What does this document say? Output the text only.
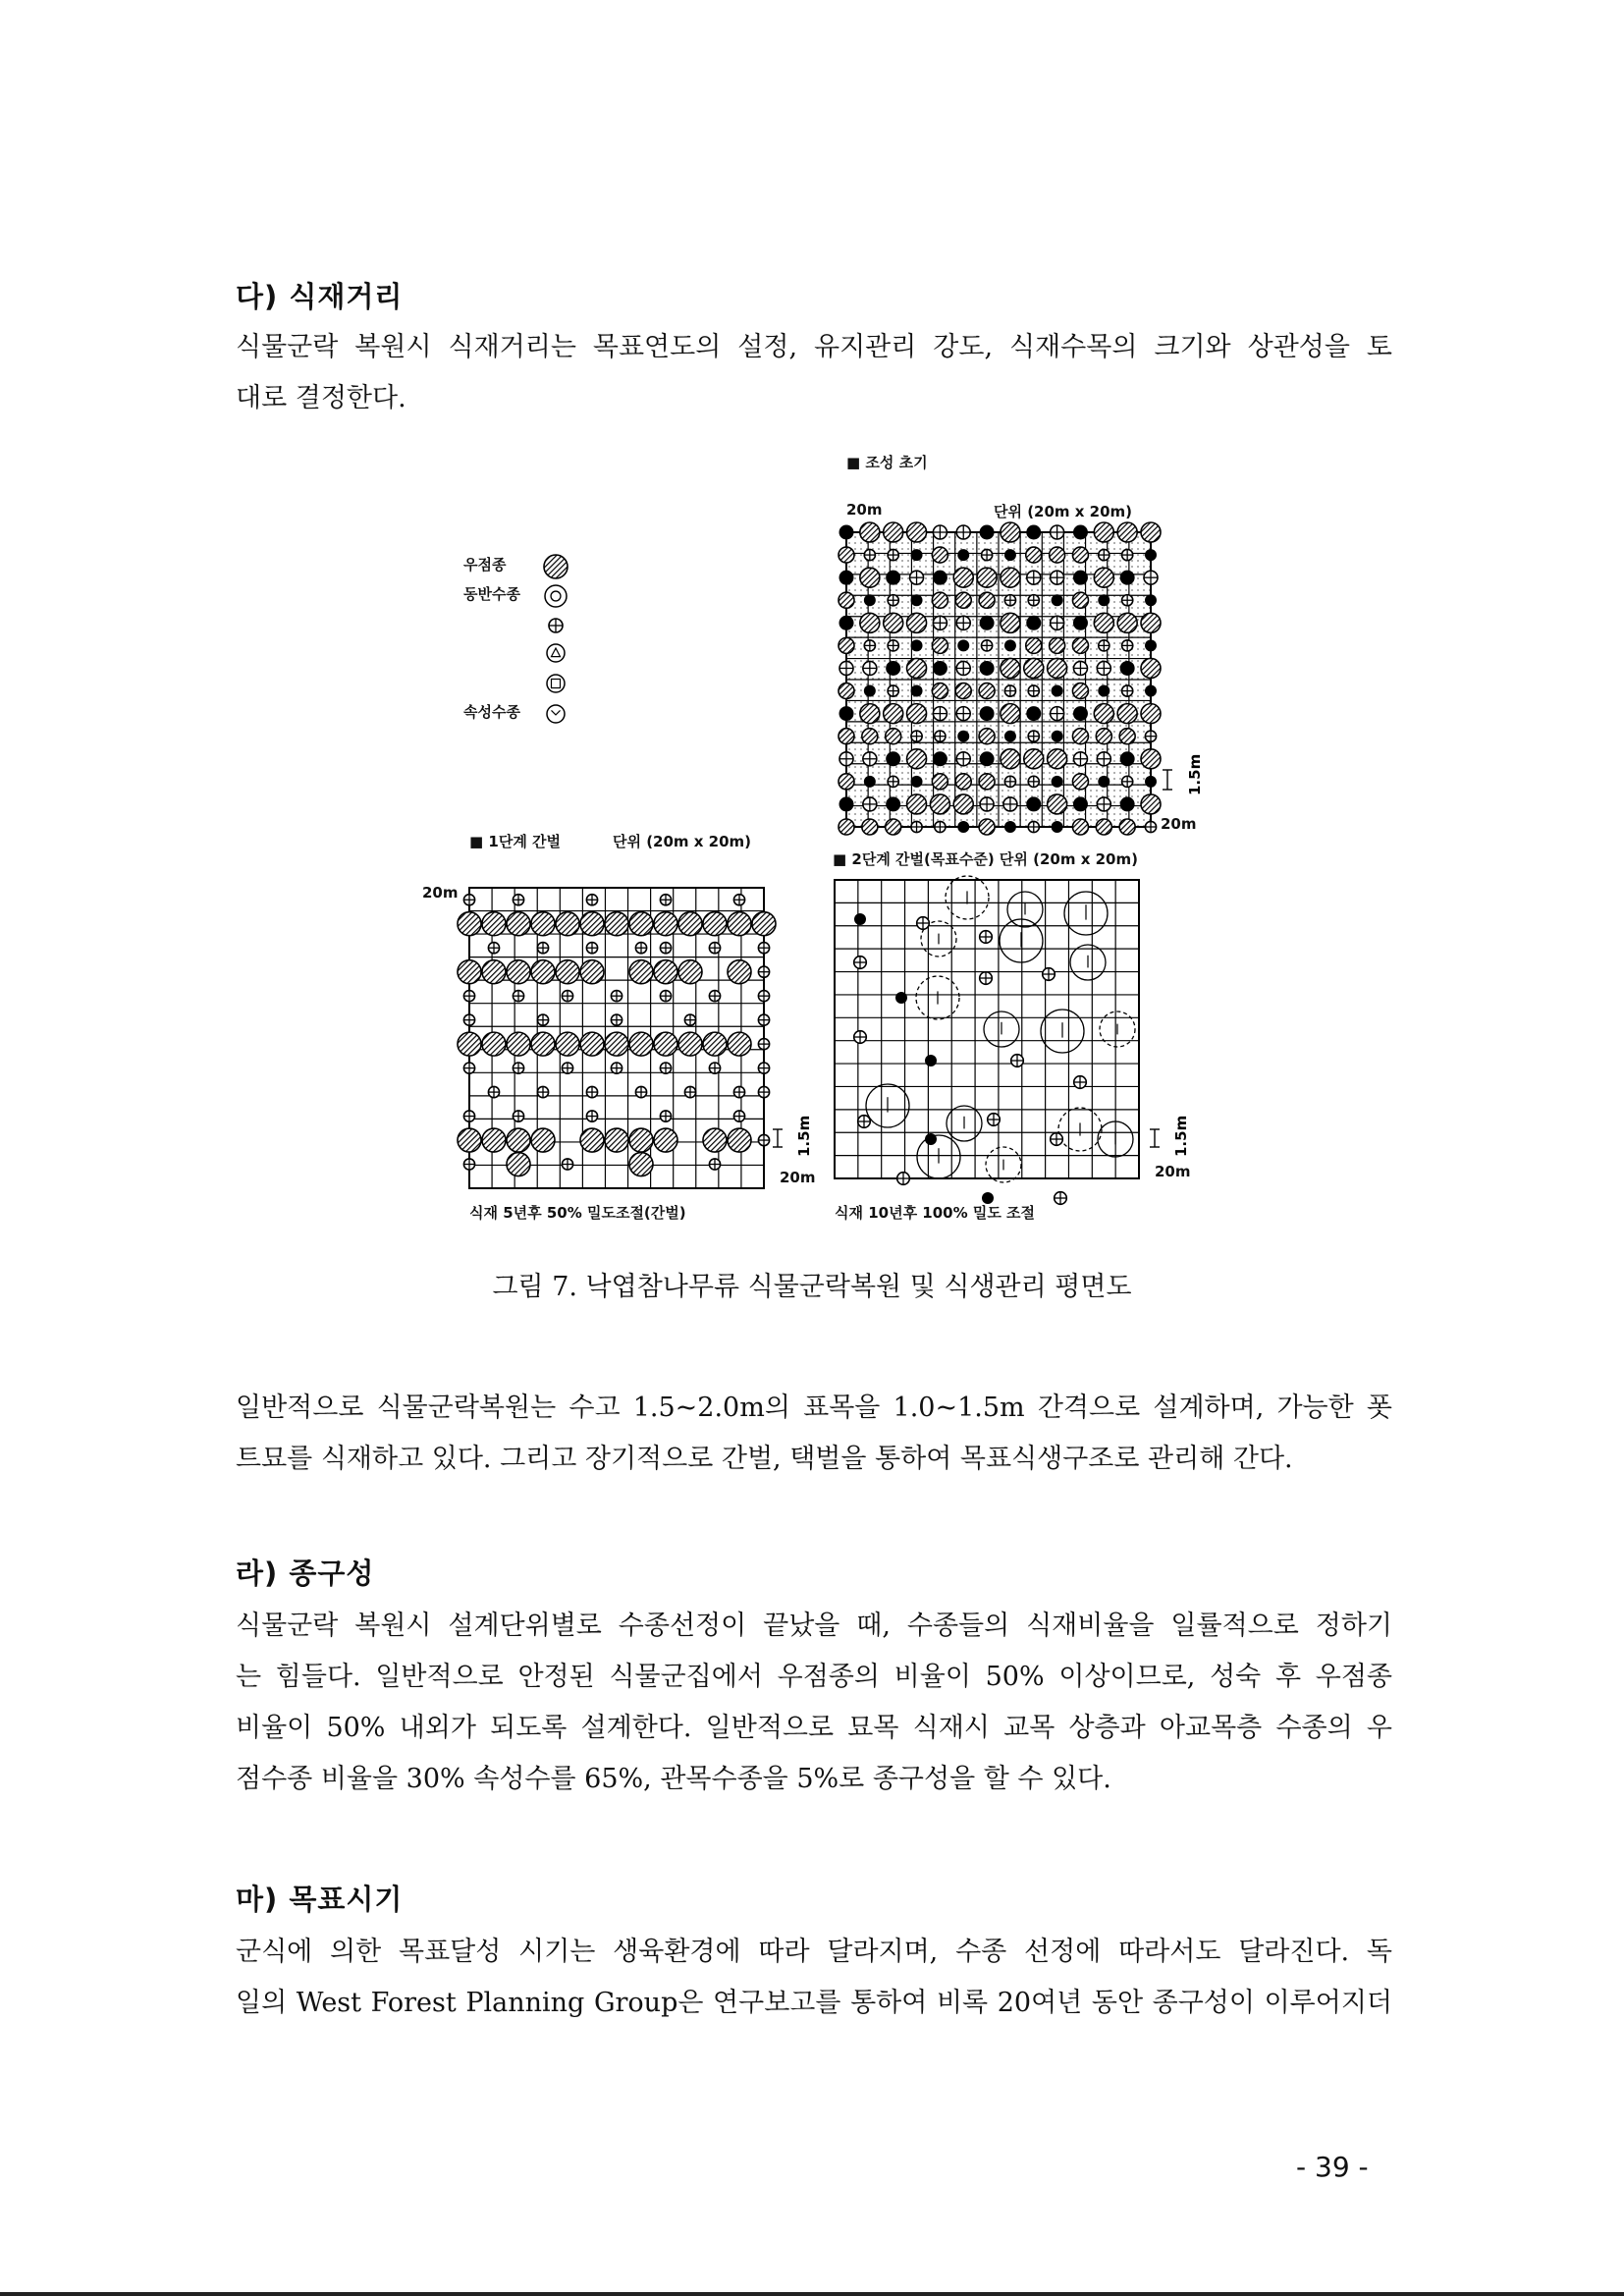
다) 식재거리

식물군락 복원시 식재거리는 목표연도의 설정, 유지관리 강도, 식재수목의 크기와 상관성을 토

대로 결정한다.

1.5m
1.5m	1.5m
우점종
동반수종
속성수종
■ 조성 초기
20m	단위 (20m x 20m)
20m
■ 1단계 간벌	단위 (20m x 20m)
20m
20m
식재 5년후 50% 밀도조절(간벌)
■ 2단계 간벌(목표수준) 단위 (20m x 20m)
20m
식재 10년후 100% 밀도 조절
그림 7. 낙엽참나무류 식물군락복원 및 식생관리 평면도

일반적으로 식물군락복원는 수고 1.5~2.0m의 표목을 1.0~1.5m 간격으로 설계하며, 가능한 폿

트묘를 식재하고 있다. 그리고 장기적으로 간벌, 택벌을 통하여 목표식생구조로 관리해 간다.

라) 종구성

식물군락 복원시 설계단위별로 수종선정이 끝났을 때, 수종들의 식재비율을 일률적으로 정하기

는 힘들다. 일반적으로 안정된 식물군집에서 우점종의 비율이 50% 이상이므로, 성숙 후 우점종

비율이 50% 내외가 되도록 설계한다. 일반적으로 묘목 식재시 교목 상층과 아교목층 수종의 우

점수종 비율을 30% 속성수를 65%, 관목수종을 5%로 종구성을 할 수 있다.

마) 목표시기

군식에 의한 목표달성 시기는 생육환경에 따라 달라지며, 수종 선정에 따라서도 달라진다. 독

일의 West Forest Planning Group은 연구보고를 통하여 비록 20여년 동안 종구성이 이루어지더

- 39 -
